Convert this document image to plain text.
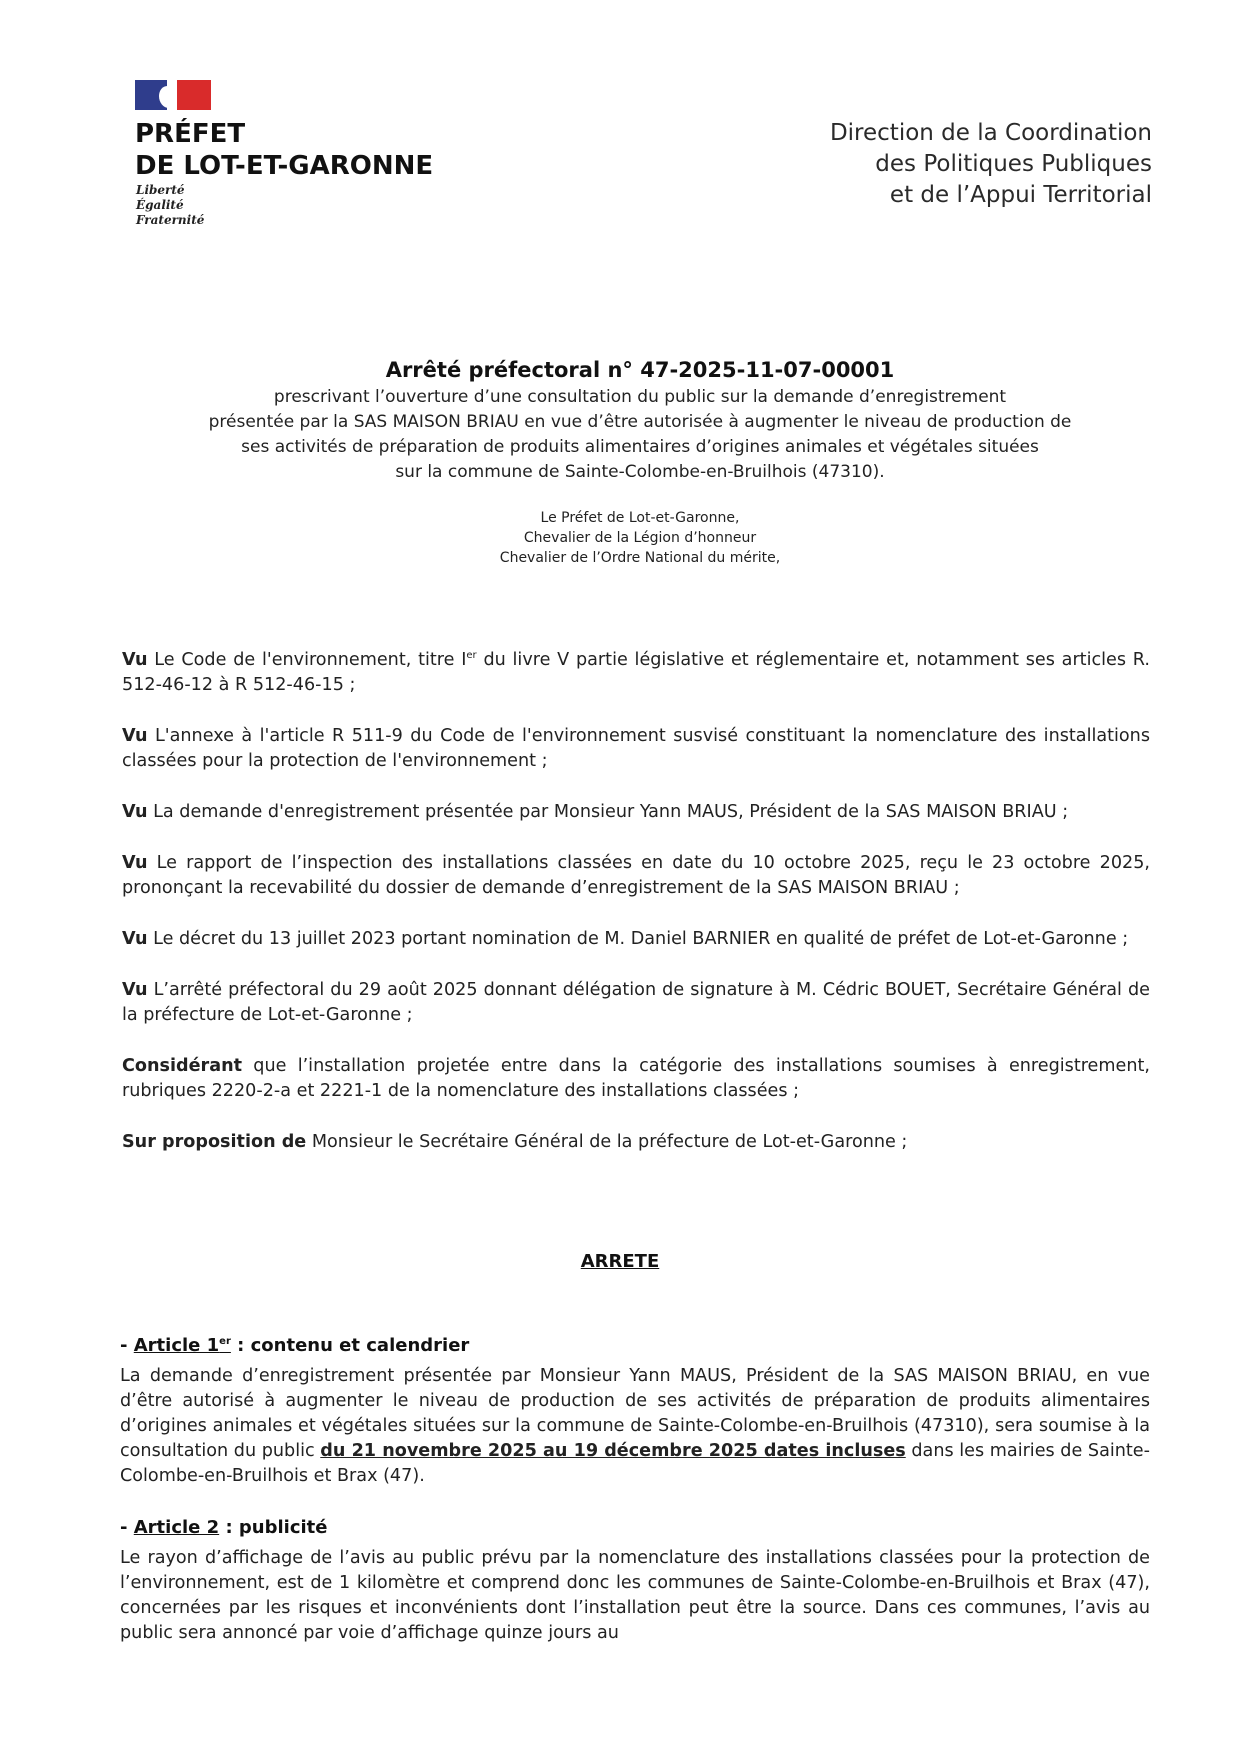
PRÉFET
DE LOT-ET-GARONNE
Liberté
Égalité
Fraternité
Direction de la Coordination
des Politiques Publiques
et de l’Appui Territorial
Arrêté préfectoral n° 47-2025-11-07-00001
prescrivant l’ouverture d’une consultation du public sur la demande d’enregistrement
présentée par la SAS MAISON BRIAU en vue d’être autorisée à augmenter le niveau de production de
ses activités de préparation de produits alimentaires d’origines animales et végétales situées
sur la commune de Sainte-Colombe-en-Bruilhois (47310).
Le Préfet de Lot-et-Garonne,
Chevalier de la Légion d’honneur
Chevalier de l’Ordre National du mérite,

Vu Le Code de l'environnement, titre Ier du livre V partie législative et réglementaire et, notamment ses articles R. 512-46-12 à R 512-46-15 ;

Vu L'annexe à l'article R 511-9 du Code de l'environnement susvisé constituant la nomenclature des installations classées pour la protection de l'environnement ;

Vu La demande d'enregistrement présentée par Monsieur Yann MAUS, Président de la SAS MAISON BRIAU ;

Vu Le rapport de l’inspection des installations classées en date du 10 octobre 2025, reçu le 23 octobre 2025, prononçant la recevabilité du dossier de demande d’enregistrement de la SAS MAISON BRIAU ;

Vu Le décret du 13 juillet 2023 portant nomination de M. Daniel BARNIER en qualité de préfet de Lot-et-Garonne ;

Vu L’arrêté préfectoral du 29 août 2025 donnant délégation de signature à M. Cédric BOUET, Secrétaire Général de la préfecture de Lot-et-Garonne ;

Considérant que l’installation projetée entre dans la catégorie des installations soumises à enregistrement, rubriques 2220-2-a et 2221-1 de la nomenclature des installations classées ;

Sur proposition de Monsieur le Secrétaire Général de la préfecture de Lot-et-Garonne ;

ARRETE
- Article 1er : contenu et calendrier

La demande d’enregistrement présentée par Monsieur Yann MAUS, Président de la SAS MAISON BRIAU, en vue d’être autorisé à augmenter le niveau de production de ses activités de préparation de produits alimentaires d’origines animales et végétales situées sur la commune de Sainte-Colombe-en-Bruilhois (47310), sera soumise à la consultation du public du 21 novembre 2025 au 19 décembre 2025 dates incluses dans les mairies de Sainte-Colombe-en-Bruilhois et Brax (47).

- Article 2 : publicité

Le rayon d’affichage de l’avis au public prévu par la nomenclature des installations classées pour la protection de l’environnement, est de 1 kilomètre et comprend donc les communes de Sainte-Colombe-en-Bruilhois et Brax (47), concernées par les risques et inconvénients dont l’installation peut être la source. Dans ces communes, l’avis au public sera annoncé par voie d’affichage quinze jours au
